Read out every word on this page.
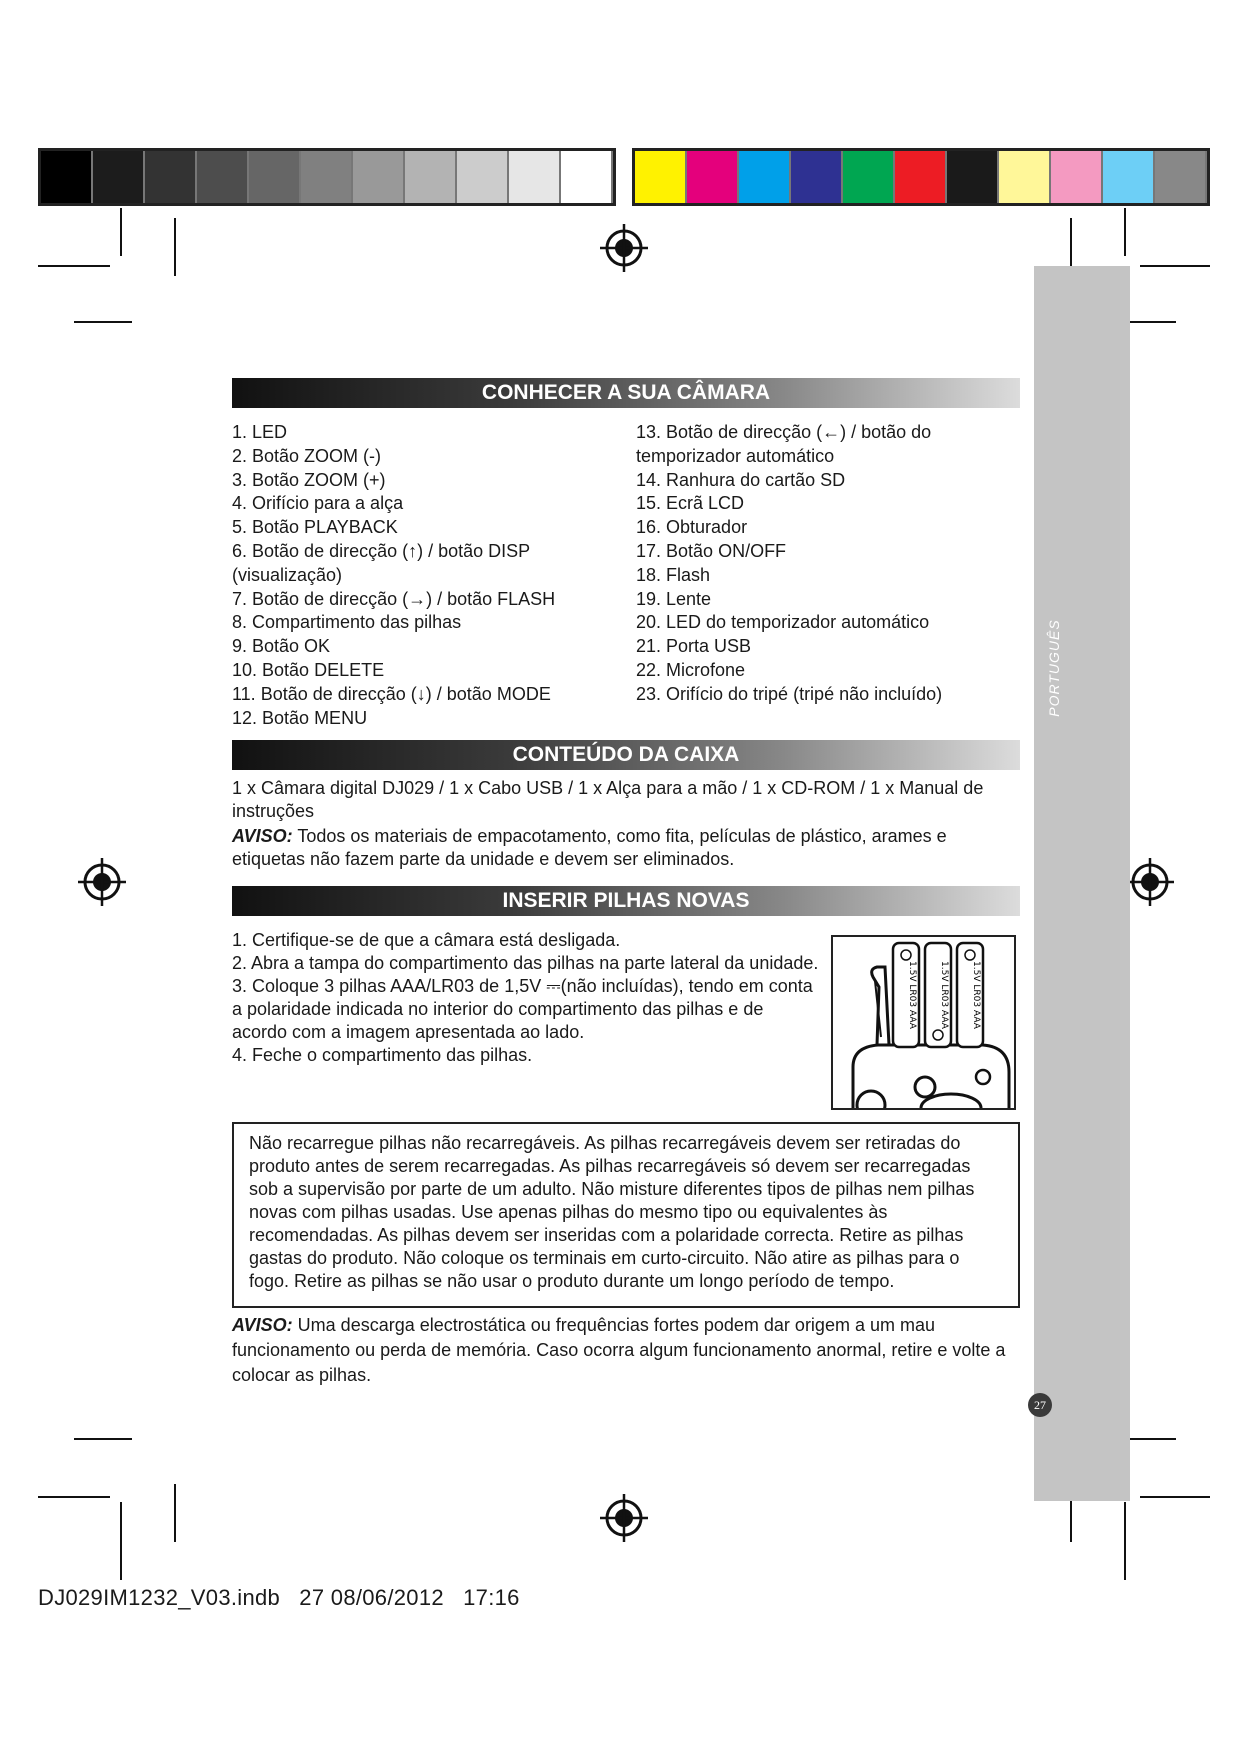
PORTUGUÊS
CONHECER A SUA CÂMARA
1. LED
2. Botão ZOOM (-)
3. Botão ZOOM (+)
4. Orifício para a alça
5. Botão PLAYBACK
6. Botão de direcção (↑) / botão DISP
(visualização)
7. Botão de direcção (→) / botão FLASH
8. Compartimento das pilhas
9. Botão OK
10. Botão DELETE
11. Botão de direcção (↓) / botão MODE
12. Botão MENU
13. Botão de direcção (←) / botão do
temporizador automático
14. Ranhura do cartão SD
15. Ecrã LCD
16. Obturador
17. Botão ON/OFF
18. Flash
19. Lente
20. LED do temporizador automático
21. Porta USB
22. Microfone
23. Orifício do tripé (tripé não incluído)
CONTEÚDO DA CAIXA
1 x Câmara digital DJ029 / 1 x Cabo USB / 1 x Alça para a mão / 1 x CD-ROM / 1 x Manual de instruções
AVISO: Todos os materiais de empacotamento, como fita, películas de plástico, arames e etiquetas não fazem parte da unidade e devem ser eliminados.
INSERIR PILHAS NOVAS
1. Certifique-se de que a câmara está desligada.
2. Abra a tampa do compartimento das pilhas na parte lateral da unidade.
3. Coloque 3 pilhas AAA/LR03 de 1,5V ⎓(não incluídas), tendo em conta a polaridade indicada no interior do compartimento das pilhas e de acordo com a imagem apresentada ao lado.
4. Feche o compartimento das pilhas.
1.5V LR03 AAA 1.5V LR03 AAA 1.5V LR03 AAA
Não recarregue pilhas não recarregáveis. As pilhas recarregáveis devem ser retiradas do produto antes de serem recarregadas. As pilhas recarregáveis só devem ser recarregadas sob a supervisão por parte de um adulto. Não misture diferentes tipos de pilhas nem pilhas novas com pilhas usadas. Use apenas pilhas do mesmo tipo ou equivalentes às recomendadas. As pilhas devem ser inseridas com a polaridade correcta. Retire as pilhas gastas do produto. Não coloque os terminais em curto-circuito. Não atire as pilhas para o fogo. Retire as pilhas se não usar o produto durante um longo período de tempo.
AVISO: Uma descarga electrostática ou frequências fortes podem dar origem a um mau funcionamento ou perda de memória. Caso ocorra algum funcionamento anormal, retire e volte a colocar as pilhas.
27
DJ029IM1232_V03.indb   27 08/06/2012   17:16
